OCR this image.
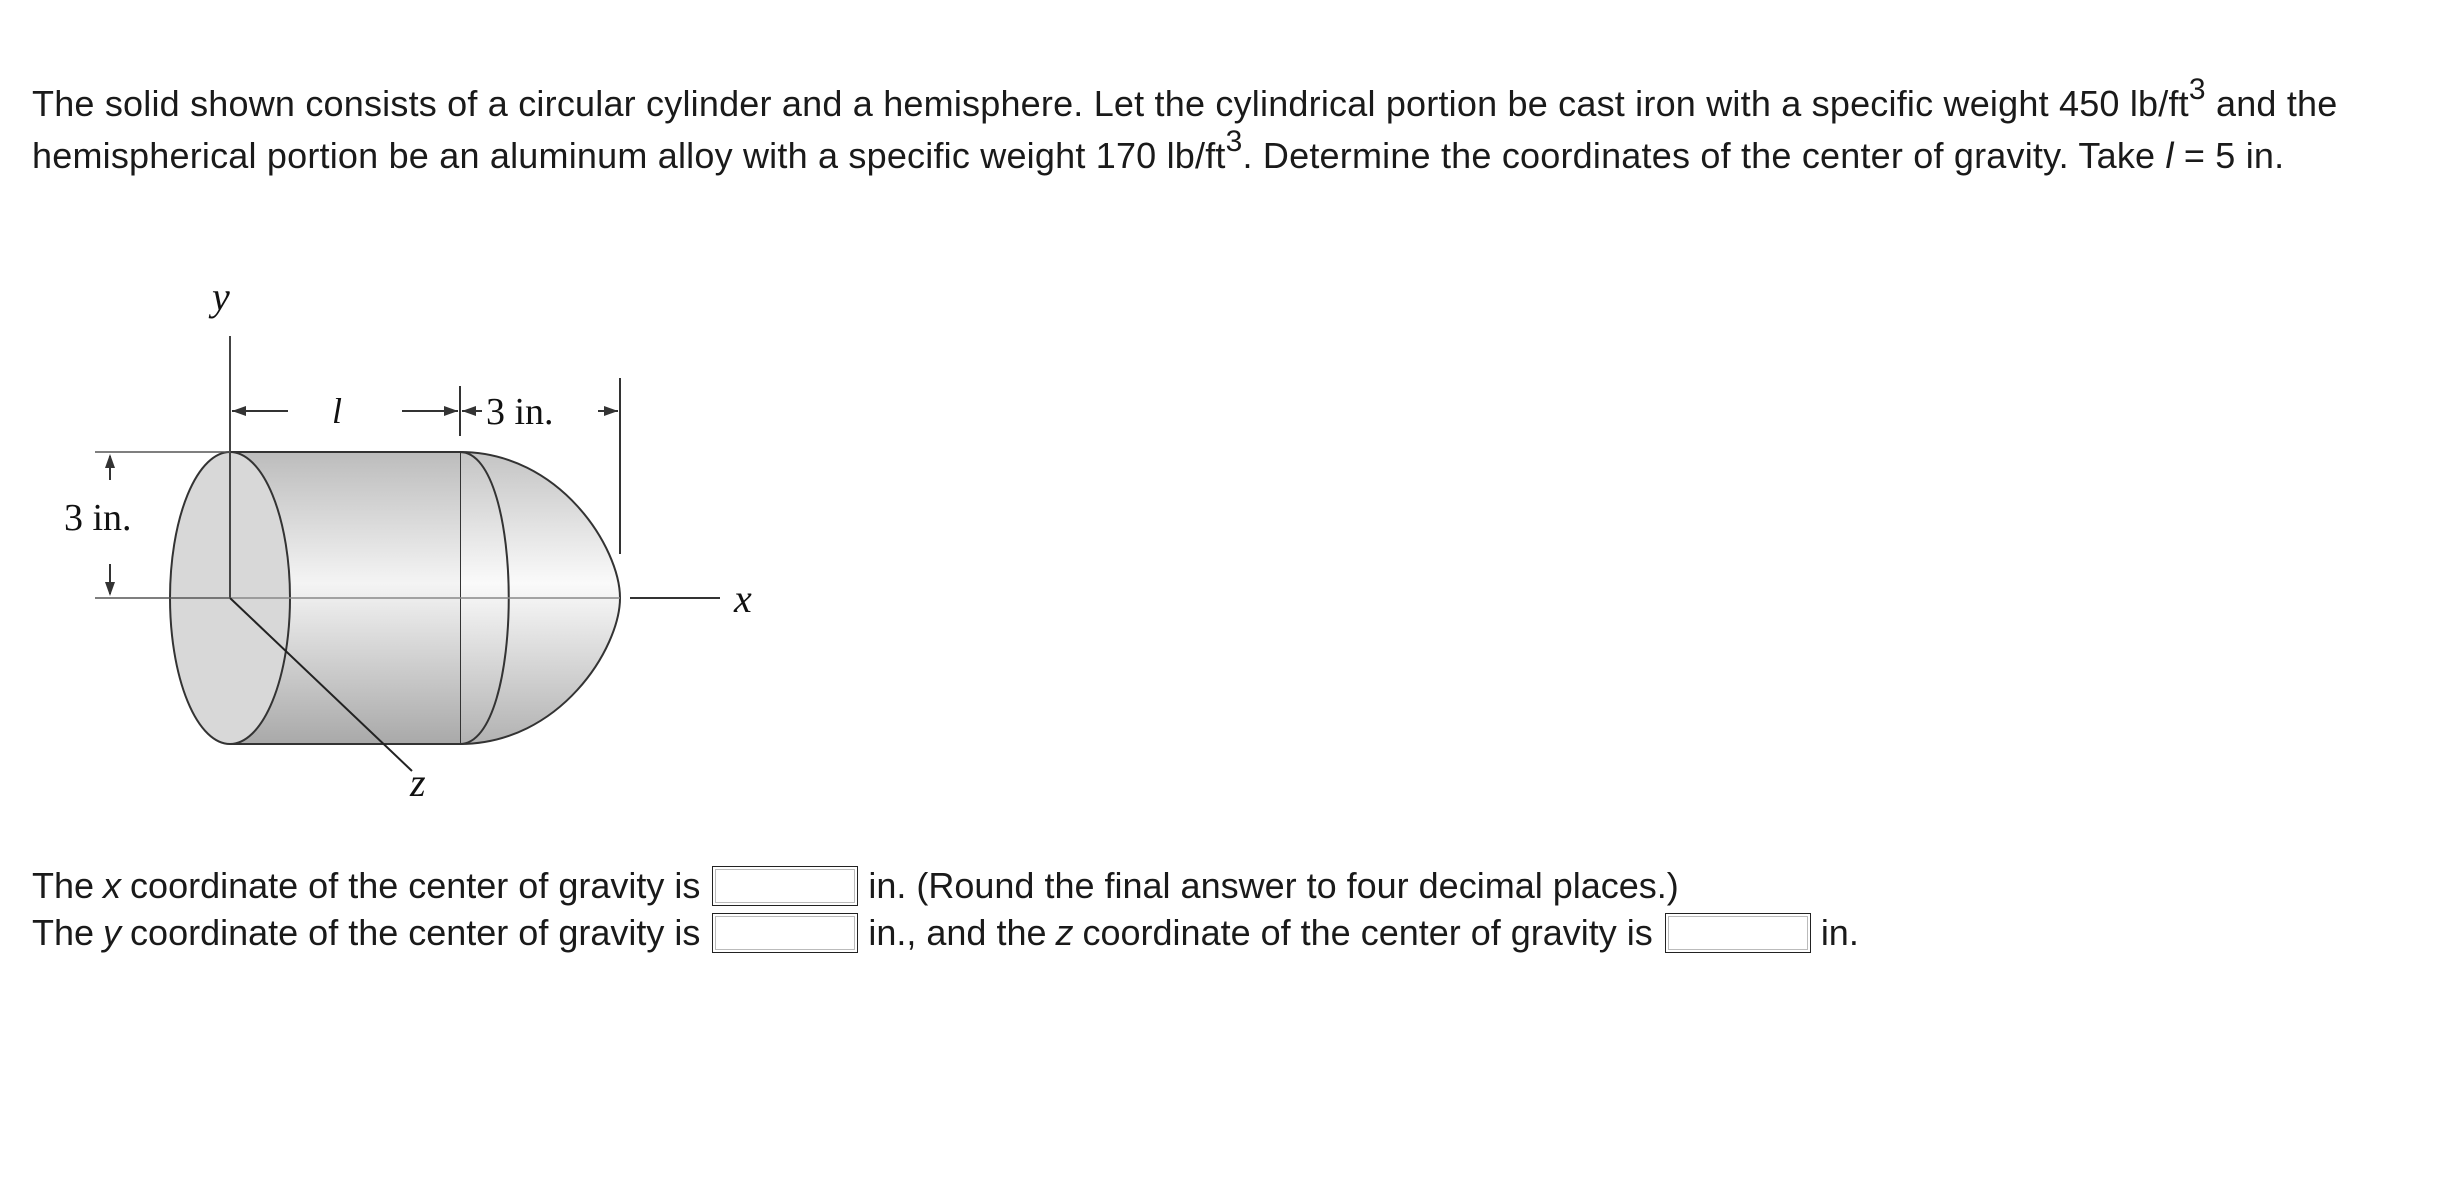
The solid shown consists of a circular cylinder and a hemisphere. Let the cylindrical portion be cast iron with a specific weight 450 $lb/ft^3$ and the hemispherical portion be an aluminum alloy with a specific weight 170 $lb/ft^3$. Determine the coordinates of the center of gravity. Take l = 5 in.
l	3 in.
3 in.
y
x
z
The x coordinate of the center of gravity is	in. (Round the final answer to four decimal places.)
The y coordinate of the center of gravity is	in., and the z coordinate of the center of gravity is	in.
